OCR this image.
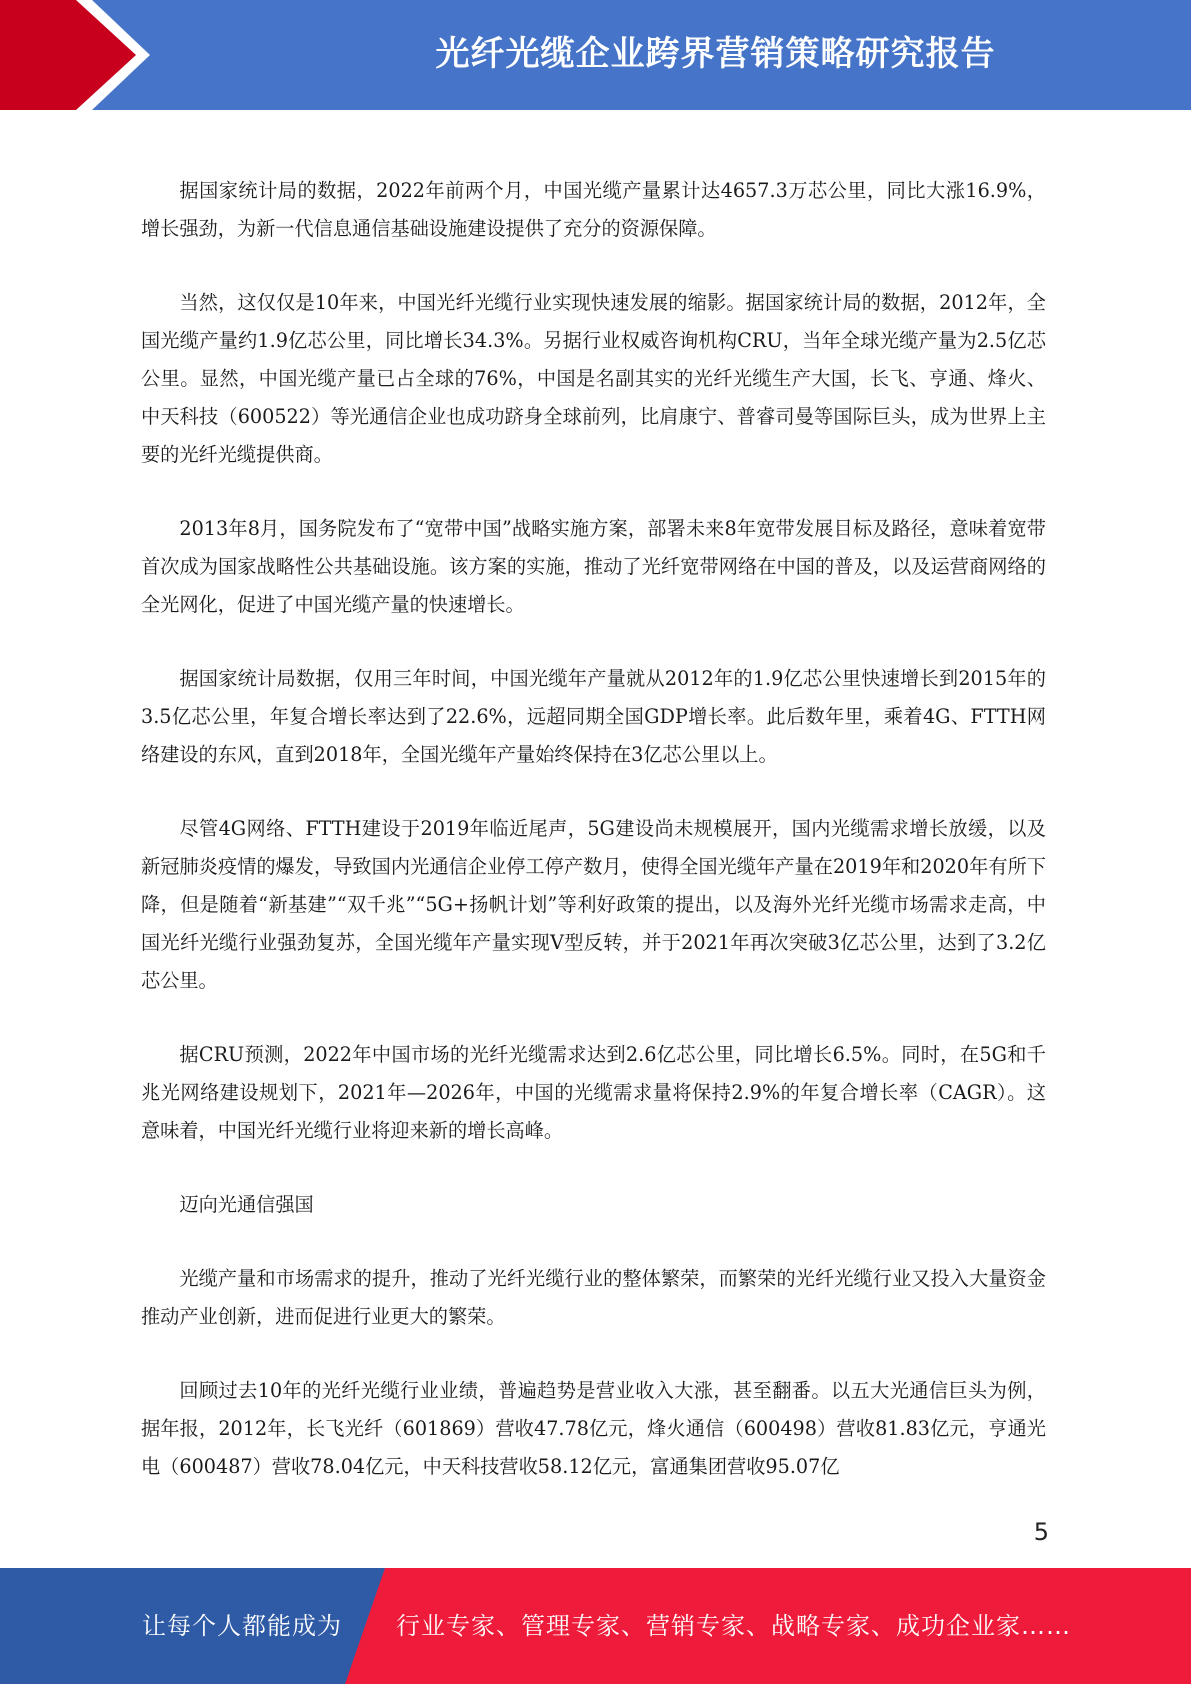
光纤光缆企业跨界营销策略研究报告

据国家统计局的数据，2022年前两个月，中国光缆产量累计达4657.3万芯公里，同比大涨16.9%，增长强劲，为新一代信息通信基础设施建设提供了充分的资源保障。

当然，这仅仅是10年来，中国光纤光缆行业实现快速发展的缩影。据国家统计局的数据，2012年，全国光缆产量约1.9亿芯公里，同比增长34.3%。另据行业权威咨询机构CRU，当年全球光缆产量为2.5亿芯公里。显然，中国光缆产量已占全球的76%，中国是名副其实的光纤光缆生产大国，长飞、亨通、烽火、中天科技（600522）等光通信企业也成功跻身全球前列，比肩康宁、普睿司曼等国际巨头，成为世界上主要的光纤光缆提供商。

2013年8月，国务院发布了“宽带中国”战略实施方案，部署未来8年宽带发展目标及路径，意味着宽带首次成为国家战略性公共基础设施。该方案的实施，推动了光纤宽带网络在中国的普及，以及运营商网络的全光网化，促进了中国光缆产量的快速增长。

据国家统计局数据，仅用三年时间，中国光缆年产量就从2012年的1.9亿芯公里快速增长到2015年的3.5亿芯公里，年复合增长率达到了22.6%，远超同期全国GDP增长率。此后数年里，乘着4G、FTTH网络建设的东风，直到2018年，全国光缆年产量始终保持在3亿芯公里以上。

尽管4G网络、FTTH建设于2019年临近尾声，5G建设尚未规模展开，国内光缆需求增长放缓，以及新冠肺炎疫情的爆发，导致国内光通信企业停工停产数月，使得全国光缆年产量在2019年和2020年有所下降，但是随着“新基建”“双千兆”“5G+扬帆计划”等利好政策的提出，以及海外光纤光缆市场需求走高，中国光纤光缆行业强劲复苏，全国光缆年产量实现V型反转，并于2021年再次突破3亿芯公里，达到了3.2亿芯公里。

据CRU预测，2022年中国市场的光纤光缆需求达到2.6亿芯公里，同比增长6.5%。同时，在5G和千兆光网络建设规划下，2021年—2026年，中国的光缆需求量将保持2.9%的年复合增长率（CAGR）。这意味着，中国光纤光缆行业将迎来新的增长高峰。

迈向光通信强国

光缆产量和市场需求的提升，推动了光纤光缆行业的整体繁荣，而繁荣的光纤光缆行业又投入大量资金推动产业创新，进而促进行业更大的繁荣。

回顾过去10年的光纤光缆行业业绩，普遍趋势是营业收入大涨，甚至翻番。以五大光通信巨头为例，据年报，2012年，长飞光纤（601869）营收47.78亿元，烽火通信（600498）营收81.83亿元，亨通光电（600487）营收78.04亿元，中天科技营收58.12亿元，富通集团营收95.07亿

5
让每个人都能成为 行业专家、管理专家、营销专家、战略专家、成功企业家……
